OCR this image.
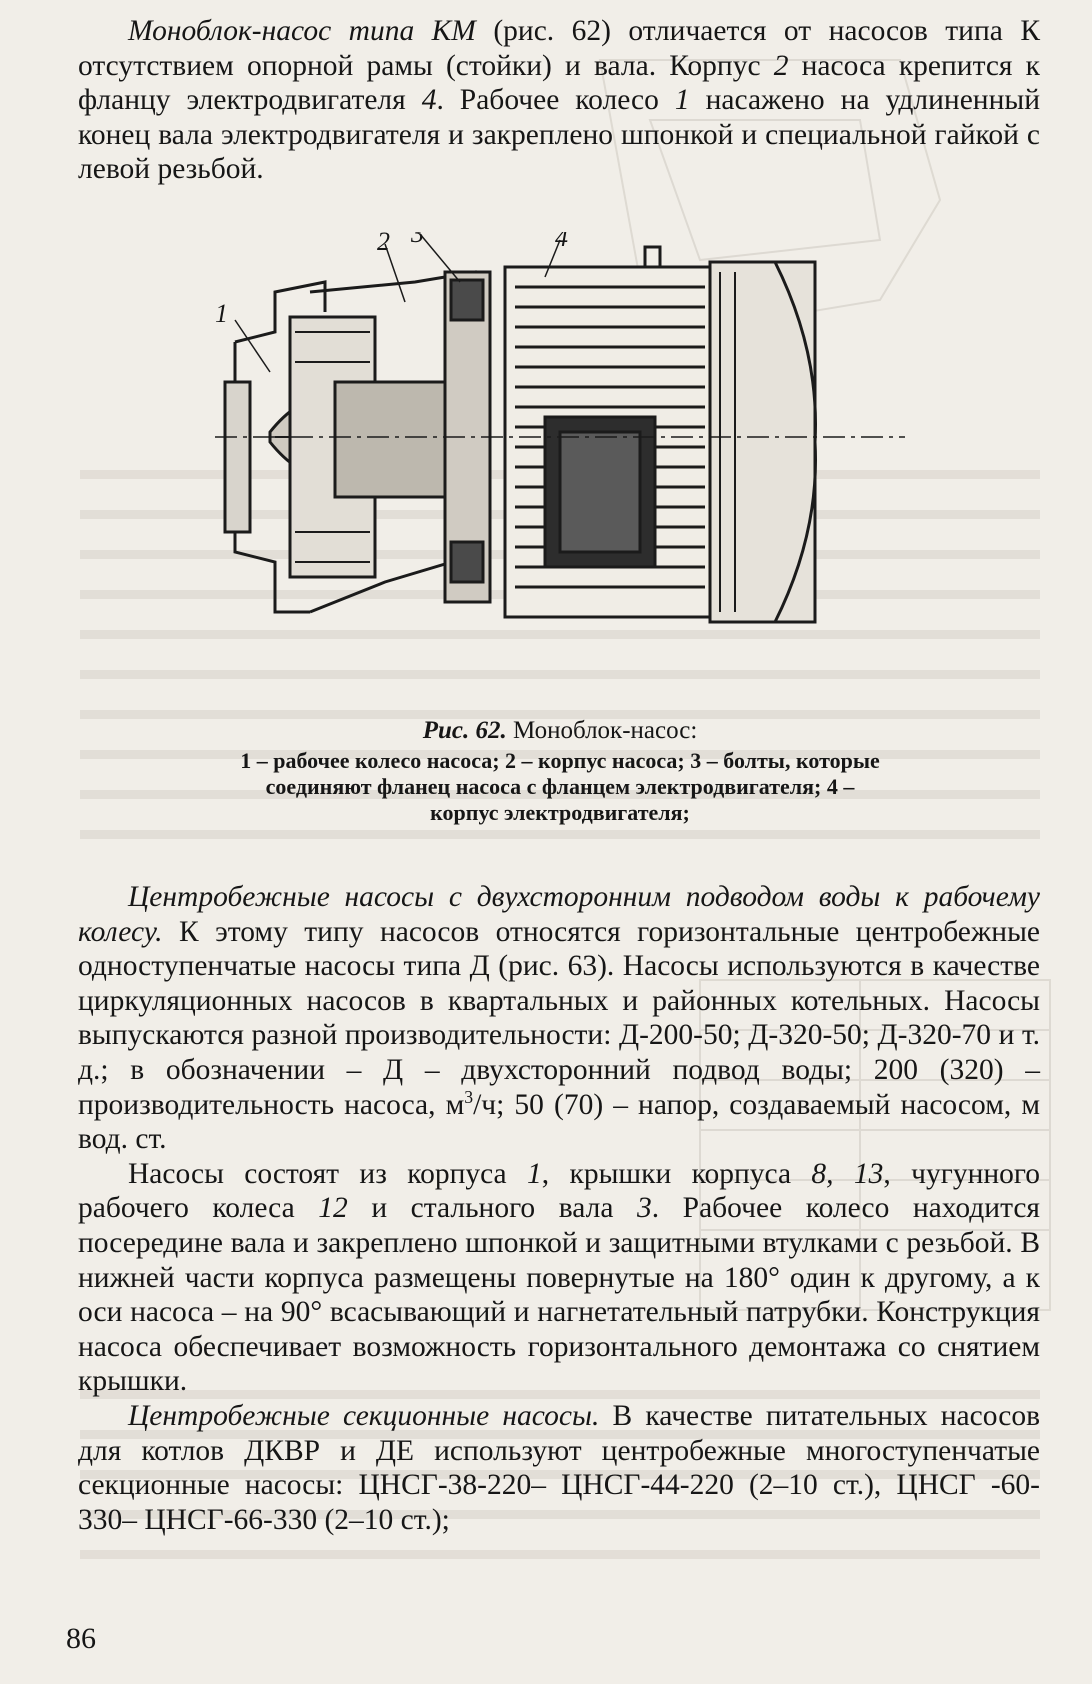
Моноблок-насос типа КМ (рис. 62) отличается от насосов типа К отсутствием опорной рамы (стойки) и вала. Корпус 2 насоса крепится к фланцу электродвигателя 4. Рабочее колесо 1 насажено на удлиненный конец вала электродвигателя и закреплено шпонкой и специальной гайкой с левой резьбой.

1
2 3	4
Рис. 62. Моноблок-насос:
1 – рабочее колесо насоса; 2 – корпус насоса; 3 – болты, которые соединяют фланец насоса с фланцем электродвигателя; 4 – корпус электродвигателя;

Центробежные насосы с двухсторонним подводом воды к рабочему колесу. К этому типу насосов относятся горизонтальные центробежные одноступенчатые насосы типа Д (рис. 63). Насосы используются в качестве циркуляционных насосов в квартальных и районных котельных. Насосы выпускаются разной производительности: Д-200-50; Д-320-50; Д-320-70 и т. д.; в обозначении – Д – двухсторонний подвод воды; 200 (320) – производительность насоса, $м^3/ч$; 50 (70) – напор, создаваемый насосом, м вод. ст.

Насосы состоят из корпуса 1, крышки корпуса 8, 13, чугунного рабочего колеса 12 и стального вала 3. Рабочее колесо находится посередине вала и закреплено шпонкой и защитными втулками с резьбой. В нижней части корпуса размещены повернутые на 180° один к другому, а к оси насоса – на 90° всасывающий и нагнетательный патрубки. Конструкция насоса обеспечивает возможность горизонтального демонтажа со снятием крышки.

Центробежные секционные насосы. В качестве питательных насосов для котлов ДКВР и ДЕ используют центробежные многоступенчатые секционные насосы: ЦНСГ-38-220– ЦНСГ-44-220 (2–10 ст.), ЦНСГ -60-330– ЦНСГ-66-330 (2–10 ст.);

86
